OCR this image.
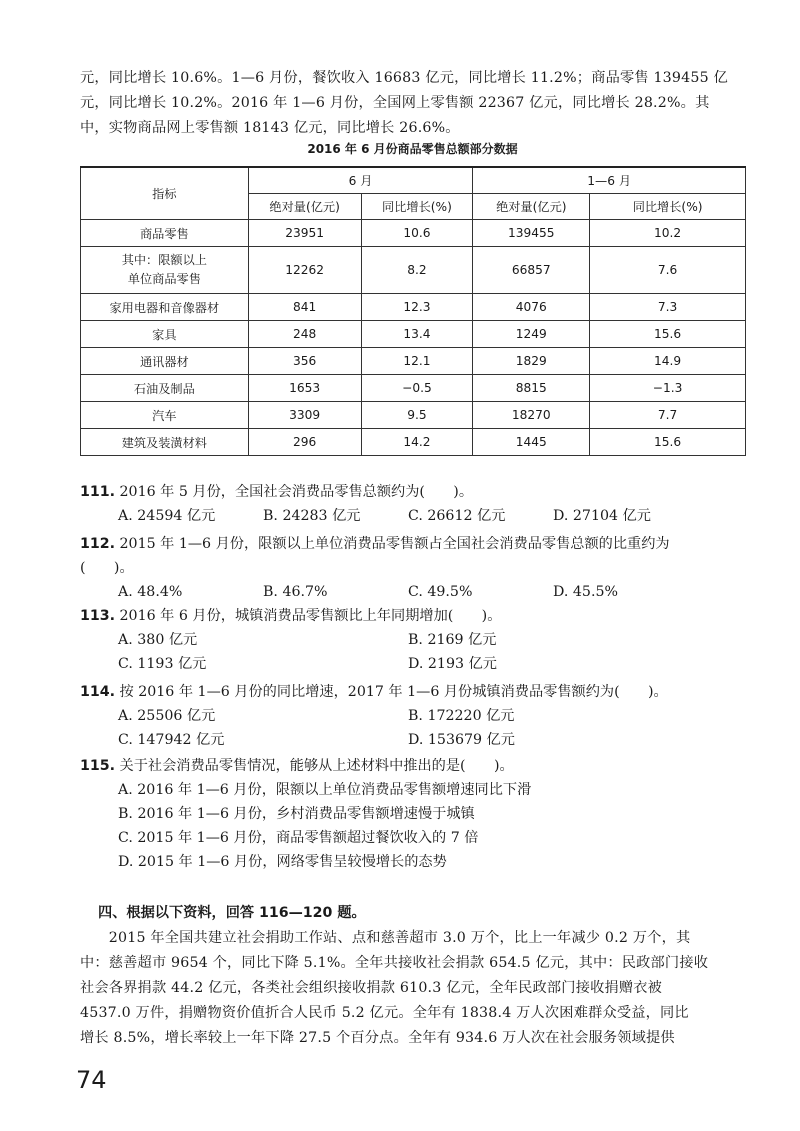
元，同比增长 10.6%。1—6 月份，餐饮收入 16683 亿元，同比增长 11.2%；商品零售 139455 亿

元，同比增长 10.2%。2016 年 1—6 月份，全国网上零售额 22367 亿元，同比增长 28.2%。其

中，实物商品网上零售额 18143 亿元，同比增长 26.6%。

2016 年 6 月份商品零售总额部分数据
指标	6 月		1—6 月	
	绝对量(亿元)	同比增长(%)	绝对量(亿元)	同比增长(%)
商品零售	23951	10.6	139455	10.2
其中：限额以上
单位商品零售	12262	8.2	66857	7.6
家用电器和音像器材	841	12.3	4076	7.3
家具	248	13.4	1249	15.6
通讯器材	356	12.1	1829	14.9
石油及制品	1653	−0.5	8815	−1.3
汽车	3309	9.5	18270	7.7
建筑及装潢材料	296	14.2	1445	15.6

111. 2016 年 5 月份，全国社会消费品零售总额约为(　　)。

A. 24594 亿元	B. 24283 亿元	C. 26612 亿元	D. 27104 亿元

112. 2015 年 1—6 月份，限额以上单位消费品零售额占全国社会消费品零售总额的比重约为

(　　)。

A. 48.4%	B. 46.7%	C. 49.5%	D. 45.5%

113. 2016 年 6 月份，城镇消费品零售额比上年同期增加(　　)。

A. 380 亿元	B. 2169 亿元
C. 1193 亿元	D. 2193 亿元

114. 按 2016 年 1—6 月份的同比增速，2017 年 1—6 月份城镇消费品零售额约为(　　)。

A. 25506 亿元	B. 172220 亿元
C. 147942 亿元	D. 153679 亿元

115. 关于社会消费品零售情况，能够从上述材料中推出的是(　　)。

A. 2016 年 1—6 月份，限额以上单位消费品零售额增速同比下滑
B. 2016 年 1—6 月份，乡村消费品零售额增速慢于城镇
C. 2015 年 1—6 月份，商品零售额超过餐饮收入的 7 倍
D. 2015 年 1—6 月份，网络零售呈较慢增长的态势
四、根据以下资料，回答 116—120 题。

　　2015 年全国共建立社会捐助工作站、点和慈善超市 3.0 万个，比上一年减少 0.2 万个，其

中：慈善超市 9654 个，同比下降 5.1%。全年共接收社会捐款 654.5 亿元，其中：民政部门接收

社会各界捐款 44.2 亿元，各类社会组织接收捐款 610.3 亿元，全年民政部门接收捐赠衣被

4537.0 万件，捐赠物资价值折合人民币 5.2 亿元。全年有 1838.4 万人次困难群众受益，同比

增长 8.5%，增长率较上一年下降 27.5 个百分点。全年有 934.6 万人次在社会服务领域提供

74
